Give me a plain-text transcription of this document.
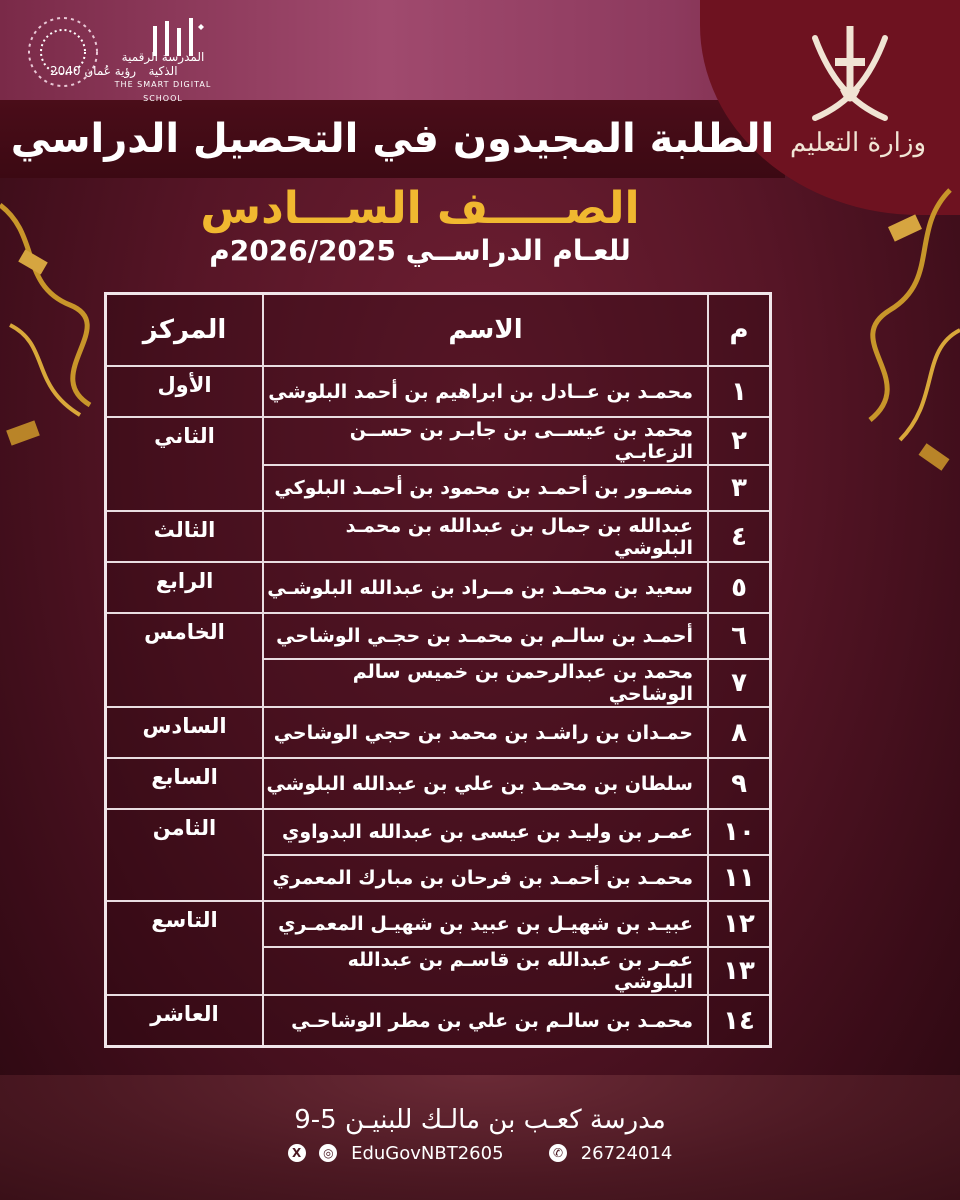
وزارة التعليم
المدرسة الرقمية الذكية
THE SMART DIGITAL SCHOOL
رؤية عُمان 2040
الطلبة المجيدون في التحصيل الدراسي
الصـــــف الســـادس
للعـام الدراســي 2026/2025م
م	الاسم	المركز
١	محمـد بن عــادل بن ابراهيم بن أحمد البلوشي	الأول
٢	محمد بن عيســى بن جابـر بن حســن الزعابـي	الثاني
٣	منصـور بن أحمـد بن محمود بن أحمـد البلوكي	
٤	عبدالله بن جمال بن عبدالله بن محمـد البلوشي	الثالث
٥	سعيد بن محمـد بن مــراد بن عبدالله البلوشـي	الرابع
٦	أحمـد بن سالـم بن محمـد بن حجـي الوشاحي	الخامس
٧	محمد بن عبدالرحمن بن خميس سالم الوشاحي	
٨	حمـدان بن راشـد بن محمد بن حجي الوشاحي	السادس
٩	سلطان بن محمـد بن علي بن عبدالله البلوشي	السابع
١٠	عمـر بن وليـد بن عيسى بن عبدالله البدواوي	الثامن
١١	محمـد بن أحمـد بن فرحان بن مبارك المعمري	
١٢	عبيـد بن شهيـل بن عبيد بن شهيـل المعمـري	التاسع
١٣	عمـر بن عبدالله بن قاسـم بن عبدالله البلوشي	
١٤	محمـد بن سالـم بن علي بن مطر الوشاحـي	العاشر
مدرسة كعـب بن مالـك للبنيـن 5-9
X ◎ EduGovNBT2605	✆ 26724014
